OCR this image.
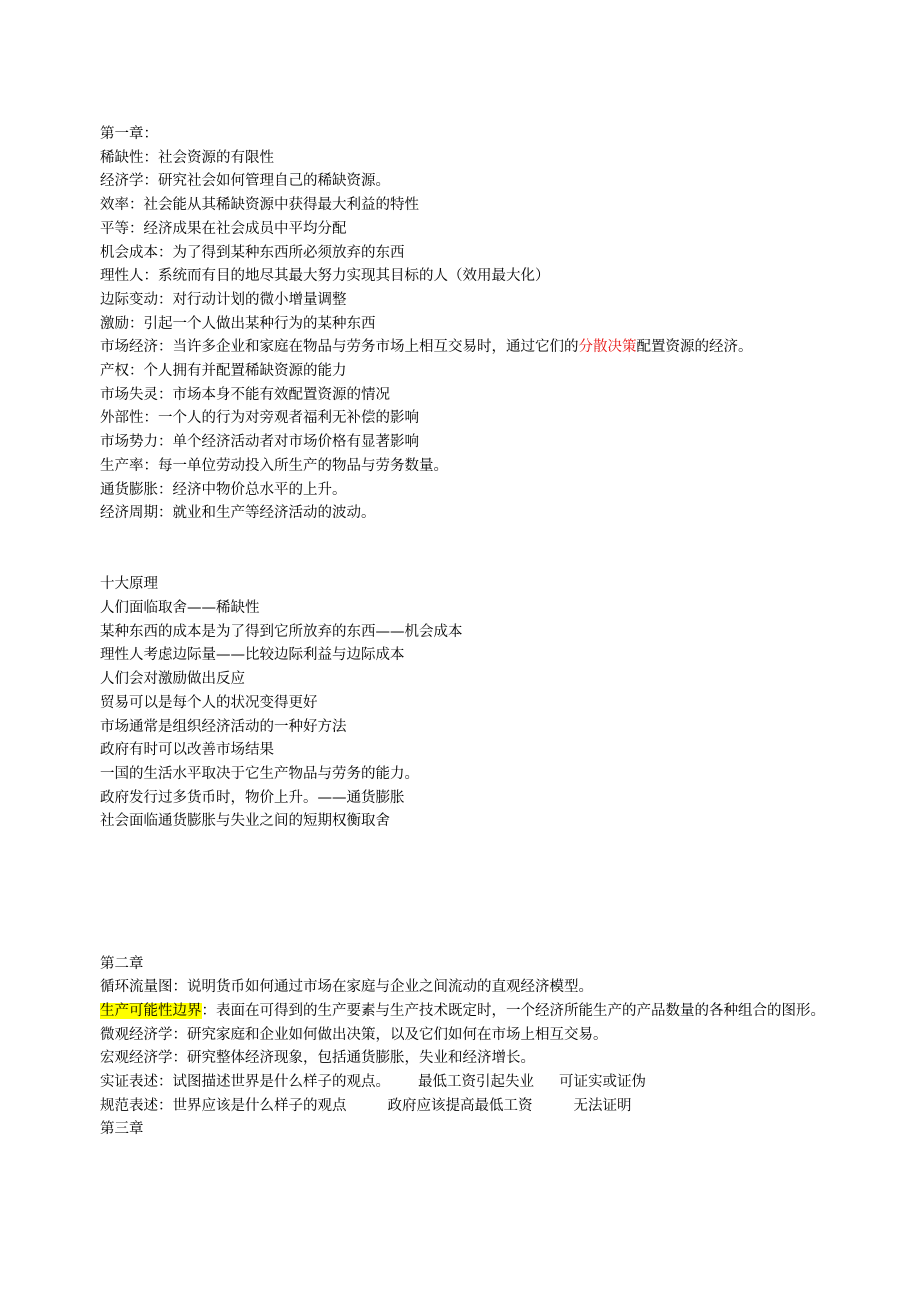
第一章：
稀缺性：社会资源的有限性
经济学：研究社会如何管理自己的稀缺资源。
效率：社会能从其稀缺资源中获得最大利益的特性
平等：经济成果在社会成员中平均分配
机会成本：为了得到某种东西所必须放弃的东西
理性人：系统而有目的地尽其最大努力实现其目标的人（效用最大化）
边际变动：对行动计划的微小增量调整
激励：引起一个人做出某种行为的某种东西
市场经济：当许多企业和家庭在物品与劳务市场上相互交易时，通过它们的分散决策配置资源的经济。
产权：个人拥有并配置稀缺资源的能力
市场失灵：市场本身不能有效配置资源的情况
外部性：一个人的行为对旁观者福利无补偿的影响
市场势力：单个经济活动者对市场价格有显著影响
生产率：每一单位劳动投入所生产的物品与劳务数量。
通货膨胀：经济中物价总水平的上升。
经济周期：就业和生产等经济活动的波动。
十大原理
人们面临取舍——稀缺性
某种东西的成本是为了得到它所放弃的东西——机会成本
理性人考虑边际量——比较边际利益与边际成本
人们会对激励做出反应
贸易可以是每个人的状况变得更好
市场通常是组织经济活动的一种好方法
政府有时可以改善市场结果
一国的生活水平取决于它生产物品与劳务的能力。
政府发行过多货币时，物价上升。——通货膨胀
社会面临通货膨胀与失业之间的短期权衡取舍
第二章
循环流量图：说明货币如何通过市场在家庭与企业之间流动的直观经济模型。
生产可能性边界：表面在可得到的生产要素与生产技术既定时，一个经济所能生产的产品数量的各种组合的图形。
微观经济学：研究家庭和企业如何做出决策，以及它们如何在市场上相互交易。
宏观经济学：研究整体经济现象，包括通货膨胀，失业和经济增长。
实证表述：试图描述世界是什么样子的观点。 最低工资引起失业 可证实或证伪
规范表述：世界应该是什么样子的观点	政府应该提高最低工资	无法证明
第三章
